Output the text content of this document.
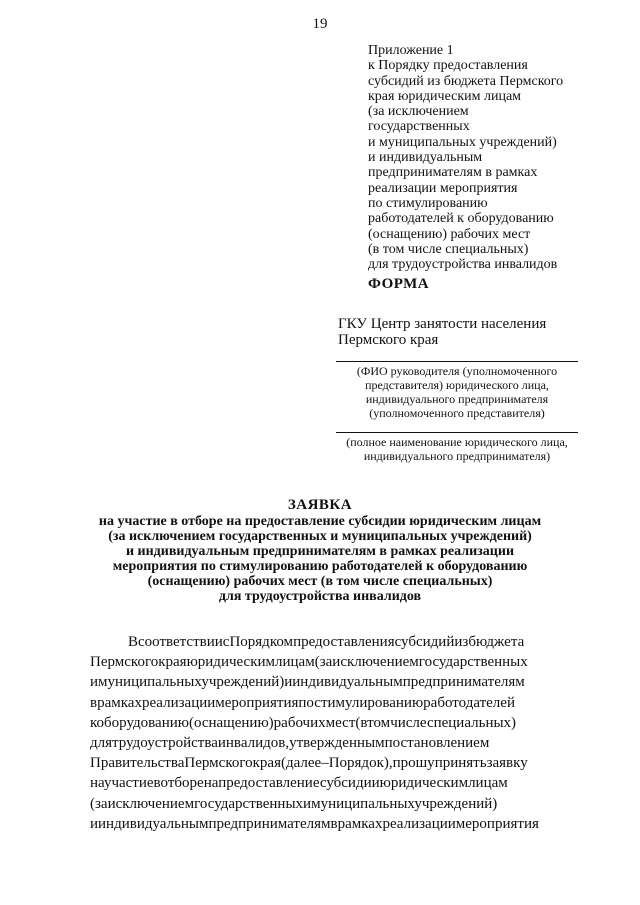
19
Приложение 1
к Порядку предоставления
субсидий из бюджета Пермского
края юридическим лицам
(за исключением
государственных
и муниципальных учреждений)
и индивидуальным
предпринимателям в рамках
реализации мероприятия
по стимулированию
работодателей к оборудованию
(оснащению) рабочих мест
(в том числе специальных)
для трудоустройства инвалидов
ФОРМА
ГКУ Центр занятости населения
Пермского края
(ФИО руководителя (уполномоченного
представителя) юридического лица,
индивидуального предпринимателя
(уполномоченного представителя)
(полное наименование юридического лица,
индивидуального предпринимателя)
ЗАЯВКА
на участие в отборе на предоставление субсидии юридическим лицам
(за исключением государственных и муниципальных учреждений)
и индивидуальным предпринимателям в рамках реализации
мероприятия по стимулированию работодателей к оборудованию
(оснащению) рабочих мест (в том числе специальных)
для трудоустройства инвалидов
ВсоответствиисПорядкомпредоставлениясубсидийизбюджета
Пермскогокраяюридическимлицам(заисключениемгосударственных
имуниципальныхучреждений)ииндивидуальнымпредпринимателям
врамкахреализациимероприятияпостимулированиюработодателей
коборудованию(оснащению)рабочихмест(втомчислеспециальных)
длятрудоустройстваинвалидов,утвержденнымпостановлением
ПравительстваПермскогокрая(далее–Порядок),прошупринятьзаявку
научастиевотборенапредоставлениесубсидииюридическимлицам
(заисключениемгосударственныхимуниципальныхучреждений)
ииндивидуальнымпредпринимателямврамкахреализациимероприятия
